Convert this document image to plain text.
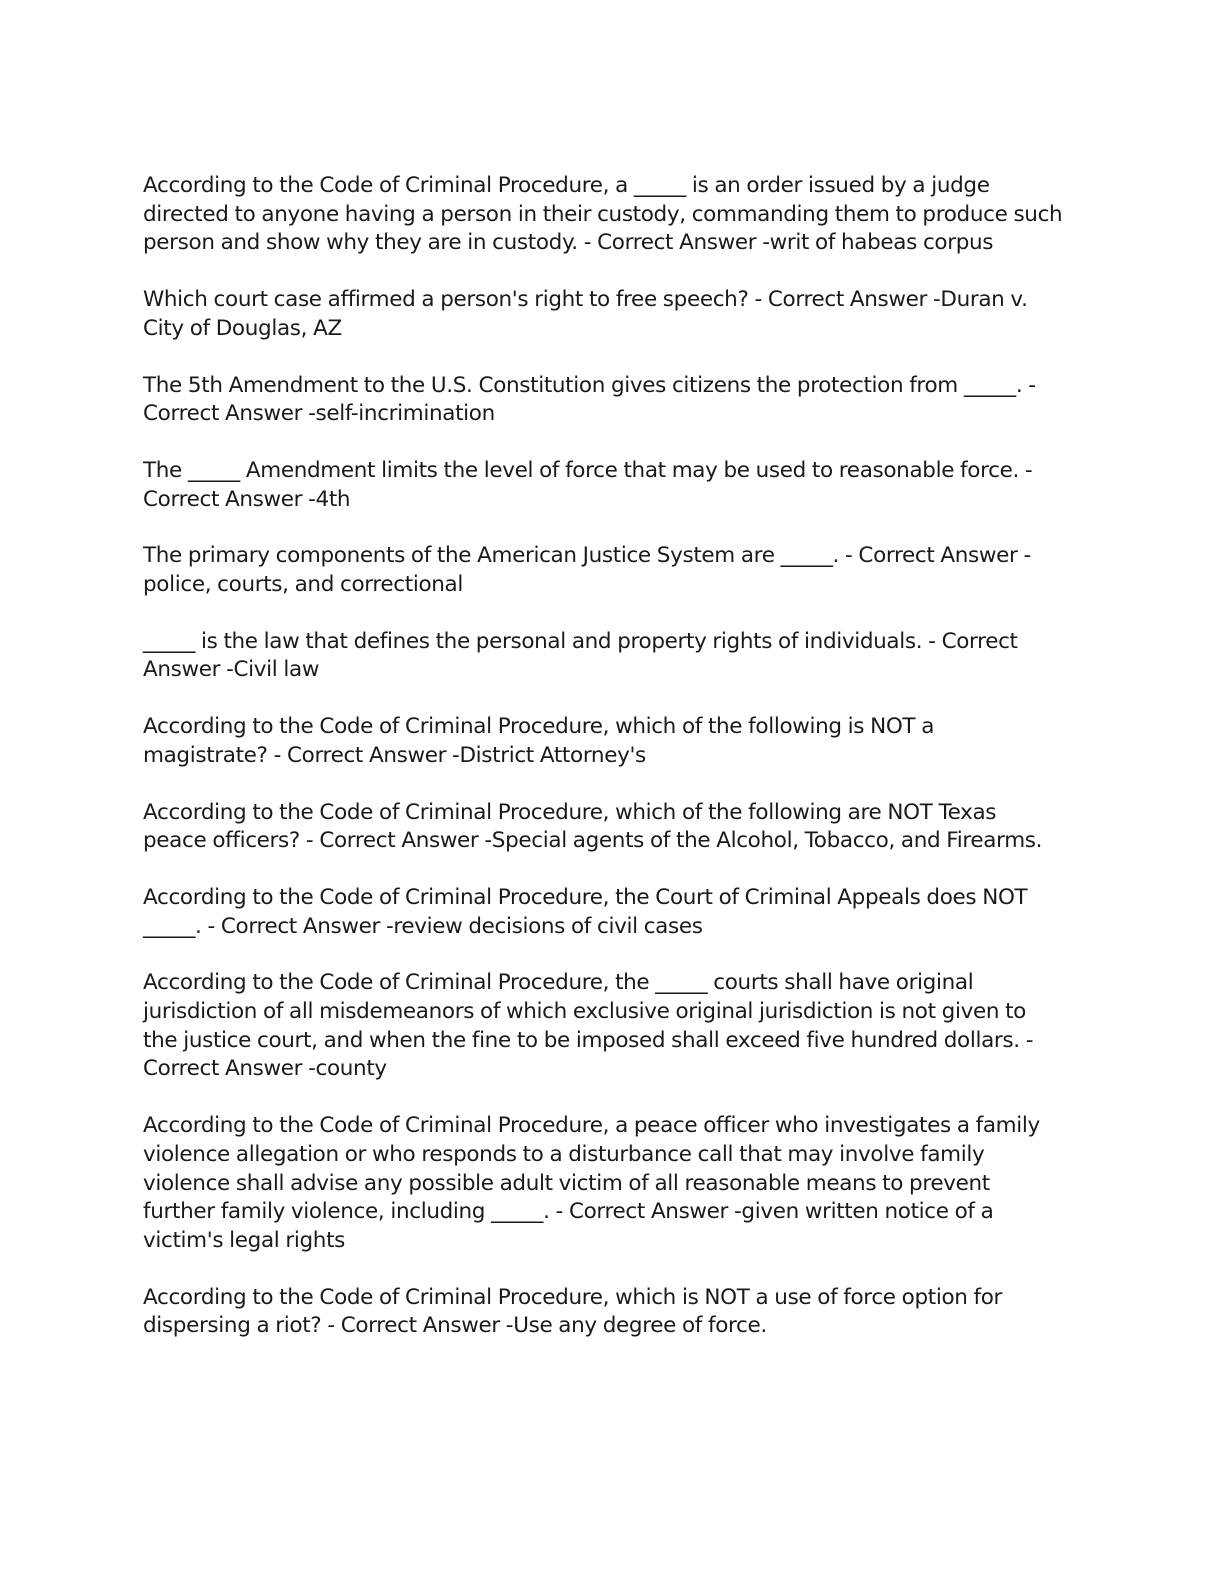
According to the Code of Criminal Procedure, a _____ is an order issued by a judge
directed to anyone having a person in their custody, commanding them to produce such
person and show why they are in custody. - Correct Answer -writ of habeas corpus

Which court case affirmed a person's right to free speech? - Correct Answer -Duran v.
City of Douglas, AZ

The 5th Amendment to the U.S. Constitution gives citizens the protection from _____. -
Correct Answer -self-incrimination

The _____ Amendment limits the level of force that may be used to reasonable force. -
Correct Answer -4th

The primary components of the American Justice System are _____. - Correct Answer -
police, courts, and correctional

_____ is the law that defines the personal and property rights of individuals. - Correct
Answer -Civil law

According to the Code of Criminal Procedure, which of the following is NOT a
magistrate? - Correct Answer -District Attorney's

According to the Code of Criminal Procedure, which of the following are NOT Texas
peace officers? - Correct Answer -Special agents of the Alcohol, Tobacco, and Firearms.

According to the Code of Criminal Procedure, the Court of Criminal Appeals does NOT
_____. - Correct Answer -review decisions of civil cases

According to the Code of Criminal Procedure, the _____ courts shall have original
jurisdiction of all misdemeanors of which exclusive original jurisdiction is not given to
the justice court, and when the fine to be imposed shall exceed five hundred dollars. -
Correct Answer -county

According to the Code of Criminal Procedure, a peace officer who investigates a family
violence allegation or who responds to a disturbance call that may involve family
violence shall advise any possible adult victim of all reasonable means to prevent
further family violence, including _____. - Correct Answer -given written notice of a
victim's legal rights

According to the Code of Criminal Procedure, which is NOT a use of force option for
dispersing a riot? - Correct Answer -Use any degree of force.
